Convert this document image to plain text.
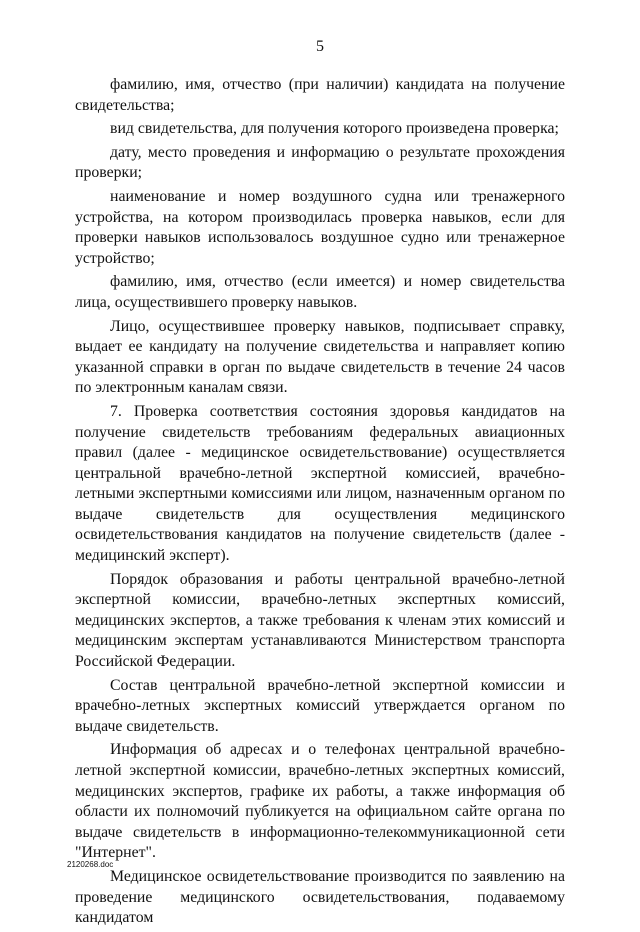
5

фамилию, имя, отчество (при наличии) кандидата на получение свидетельства;

вид свидетельства, для получения которого произведена проверка;

дату, место проведения и информацию о результате прохождения проверки;

наименование и номер воздушного судна или тренажерного устройства, на котором производилась проверка навыков, если для проверки навыков использовалось воздушное судно или тренажерное устройство;

фамилию, имя, отчество (если имеется) и номер свидетельства лица, осуществившего проверку навыков.

Лицо, осуществившее проверку навыков, подписывает справку, выдает ее кандидату на получение свидетельства и направляет копию указанной справки в орган по выдаче свидетельств в течение 24 часов по электронным каналам связи.

7. Проверка соответствия состояния здоровья кандидатов на получение свидетельств требованиям федеральных авиационных правил (далее - медицинское освидетельствование) осуществляется центральной врачебно-летной экспертной комиссией, врачебно-летными экспертными комиссиями или лицом, назначенным органом по выдаче свидетельств для осуществления медицинского освидетельствования кандидатов на получение свидетельств (далее - медицинский эксперт).

Порядок образования и работы центральной врачебно-летной экспертной комиссии, врачебно-летных экспертных комиссий, медицинских экспертов, а также требования к членам этих комиссий и медицинским экспертам устанавливаются Министерством транспорта Российской Федерации.

Состав центральной врачебно-летной экспертной комиссии и врачебно-летных экспертных комиссий утверждается органом по выдаче свидетельств.

Информация об адресах и о телефонах центральной врачебно-летной экспертной комиссии, врачебно-летных экспертных комиссий, медицинских экспертов, графике их работы, а также информация об области их полномочий публикуется на официальном сайте органа по выдаче свидетельств в информационно-телекоммуникационной сети "Интернет".

Медицинское освидетельствование производится по заявлению на проведение медицинского освидетельствования, подаваемому кандидатом

2120268.doc
